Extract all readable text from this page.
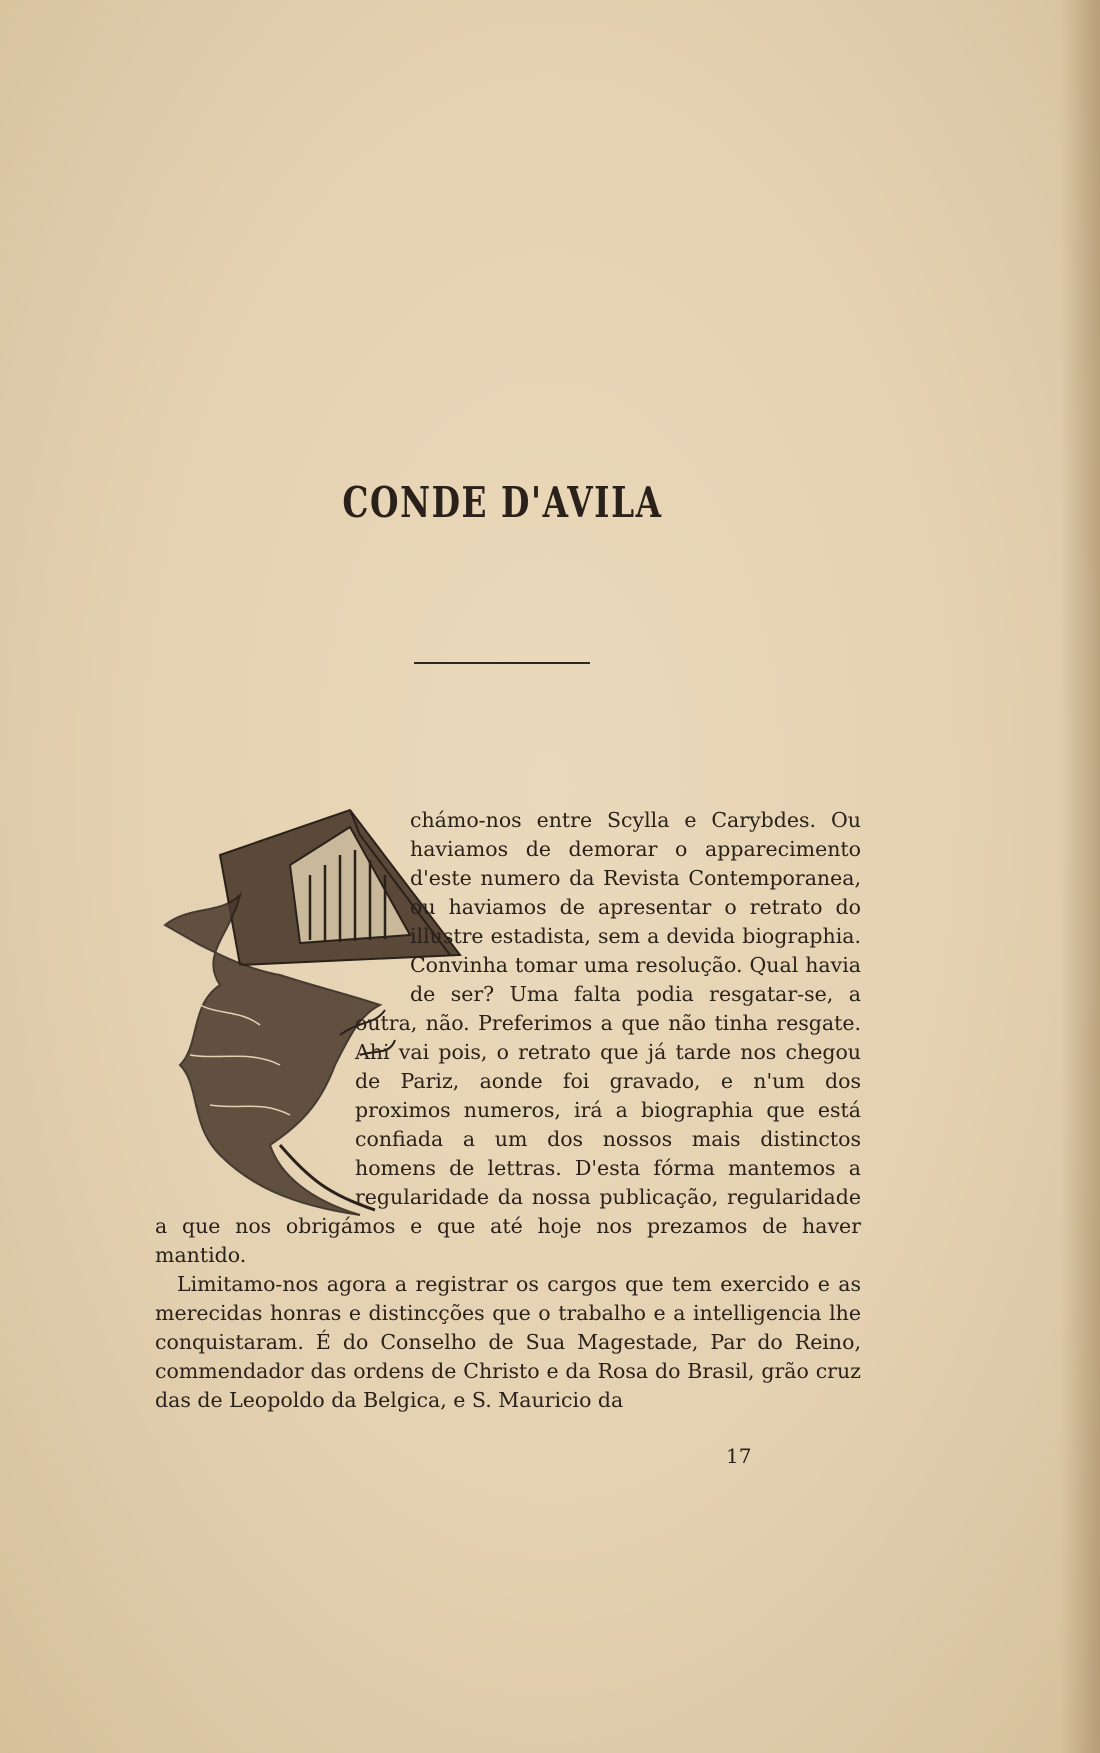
CONDE D'AVILA

chámo-nos entre Scylla e Carybdes. Ou haviamos de demorar o apparecimento d'este numero da Revista Contemporanea, ou haviamos de apresentar o retrato do illustre estadista, sem a devida biographia. Convinha tomar uma resolução. Qual havia de ser? Uma falta podia resgatar-se, a outra, não. Preferimos a que não tinha resgate. Ahi vai pois, o retrato que já tarde nos chegou de Pariz, aonde foi gravado, e n'um dos proximos numeros, irá a biographia que está confiada a um dos nossos mais distinctos homens de lettras. D'esta fórma mantemos a regularidade da nossa publicação, regularidade a que nos obrigámos e que até hoje nos prezamos de haver mantido.

Limitamo-nos agora a registrar os cargos que tem exercido e as merecidas honras e distincções que o trabalho e a intelligencia lhe conquistaram. É do Conselho de Sua Magestade, Par do Reino, commendador das ordens de Christo e da Rosa do Brasil, grão cruz das de Leopoldo da Belgica, e S. Mauricio da

17
